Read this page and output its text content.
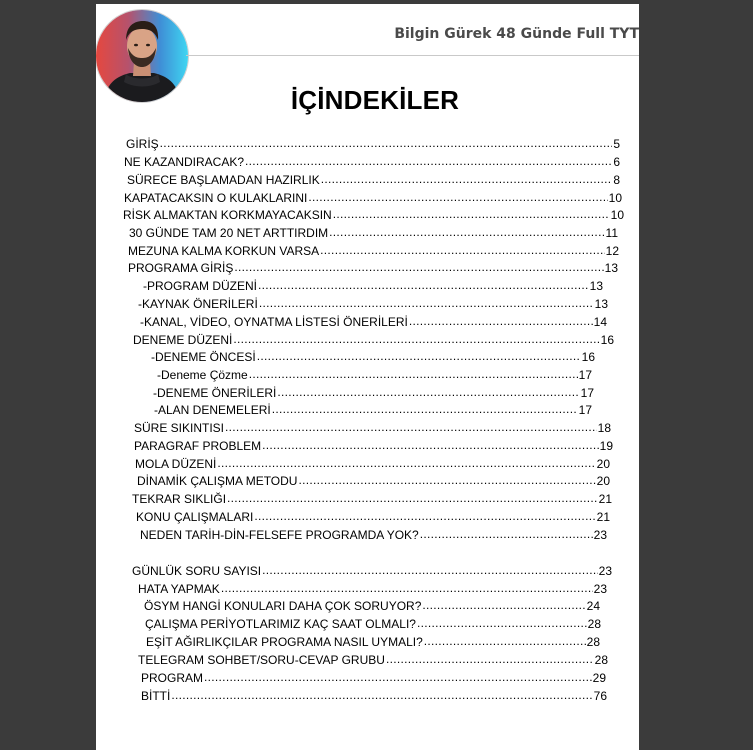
Bilgin Gürek 48 Günde Full TYT
İÇİNDEKİLER
GİRİŞ .....	5
NE KAZANDIRACAK? .....	6
SÜRECE BAŞLAMADAN HAZIRLIK .....	8
KAPATACAKSIN O KULAKLARINI .....	10
RİSK ALMAKTAN KORKMAYACAKSIN .....	10
30 GÜNDE TAM 20 NET ARTTIRDIM .....	11
MEZUNA KALMA KORKUN VARSA .....	12
PROGRAMA GİRİŞ .....	13
-PROGRAM DÜZENİ .....	13
-KAYNAK ÖNERİLERİ .....	13
-KANAL, VİDEO, OYNATMA LİSTESİ ÖNERİLERİ .....	14
DENEME DÜZENİ .....	16
-DENEME ÖNCESİ .....	16
-Deneme Çözme .....	17
-DENEME ÖNERİLERİ .....	17
-ALAN DENEMELERİ .....	17
SÜRE SIKINTISI .....	18
PARAGRAF PROBLEM .....	19
MOLA DÜZENİ .....	20
DİNAMİK ÇALIŞMA METODU .....	20
TEKRAR SIKLIĞI .....	21
KONU ÇALIŞMALARI .....	21
NEDEN TARİH-DİN-FELSEFE PROGRAMDA YOK? .....	23
GÜNLÜK SORU SAYISI .....	23
HATA YAPMAK .....	23
ÖSYM HANGİ KONULARI DAHA ÇOK SORUYOR? .....	24
ÇALIŞMA PERİYOTLARIMIZ KAÇ SAAT OLMALI? .....	28
EŞİT AĞIRLIKÇILAR PROGRAMA NASIL UYMALI? .....	28
TELEGRAM SOHBET/SORU-CEVAP GRUBU .....	28
PROGRAM .....	29
BİTTİ .....	76
